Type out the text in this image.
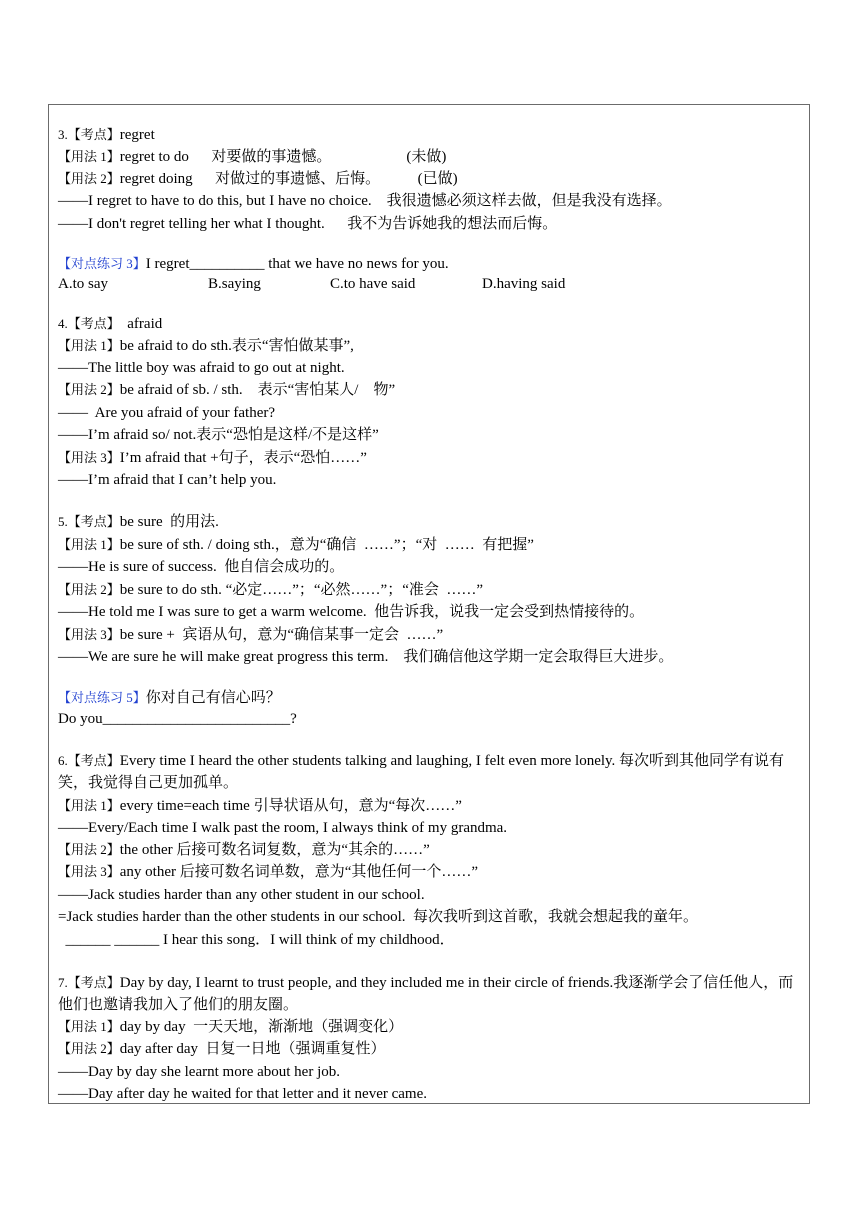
3.【考点】regret
【用法 1】regret to do      对要做的事遗憾。                    (未做)
【用法 2】regret doing      对做过的事遗憾、后悔。          (已做)
——I regret to have to do this, but I have no choice.    我很遗憾必须这样去做，但是我没有选择。
——I don't regret telling her what I thought.      我不为告诉她我的想法而后悔。
【对点练习 3】I regret__________ that we have no news for you.
A.to say	B.saying	C.to have said	D.having said
4.【考点】  afraid
【用法 1】be afraid to do sth.表示“害怕做某事”,
——The little boy was afraid to go out at night.
【用法 2】be afraid of sb. / sth.    表示“害怕某人/    物”
——  Are you afraid of your father?
——I’m afraid so/ not.表示“恐怕是这样/不是这样”
【用法 3】I’m afraid that +句子，表示“恐怕……”
——I’m afraid that I can’t help you.
5.【考点】be sure  的用法.
【用法 1】be sure of sth. / doing sth.，意为“确信  ……”；“对  ……  有把握”
——He is sure of success.  他自信会成功的。
【用法 2】be sure to do sth. “必定……”；“必然……”；“准会  ……”
——He told me I was sure to get a warm welcome.  他告诉我，说我一定会受到热情接待的。
【用法 3】be sure +  宾语从句，意为“确信某事一定会  ……”
——We are sure he will make great progress this term.    我们确信他这学期一定会取得巨大进步。
【对点练习 5】你对自己有信心吗？
Do you_________________________?
6.【考点】Every time I heard the other students talking and laughing, I felt even more lonely. 每次听到其他同学有说有笑，我觉得自己更加孤单。
【用法 1】every time=each time 引导状语从句，意为“每次……”
——Every/Each time I walk past the room, I always think of my grandma.
【用法 2】the other 后接可数名词复数，意为“其余的……”
【用法 3】any other 后接可数名词单数，意为“其他任何一个……”
——Jack studies harder than any other student in our school.
=Jack studies harder than the other students in our school.  每次我听到这首歌，我就会想起我的童年。
______ ______ I hear this song．I will think of my childhood．
7.【考点】Day by day, I learnt to trust people, and they included me in their circle of friends.我逐渐学会了信任他人，而他们也邀请我加入了他们的朋友圈。
【用法 1】day by day  一天天地，渐渐地（强调变化）
【用法 2】day after day  日复一日地（强调重复性）
——Day by day she learnt more about her job.
——Day after day he waited for that letter and it never came.
